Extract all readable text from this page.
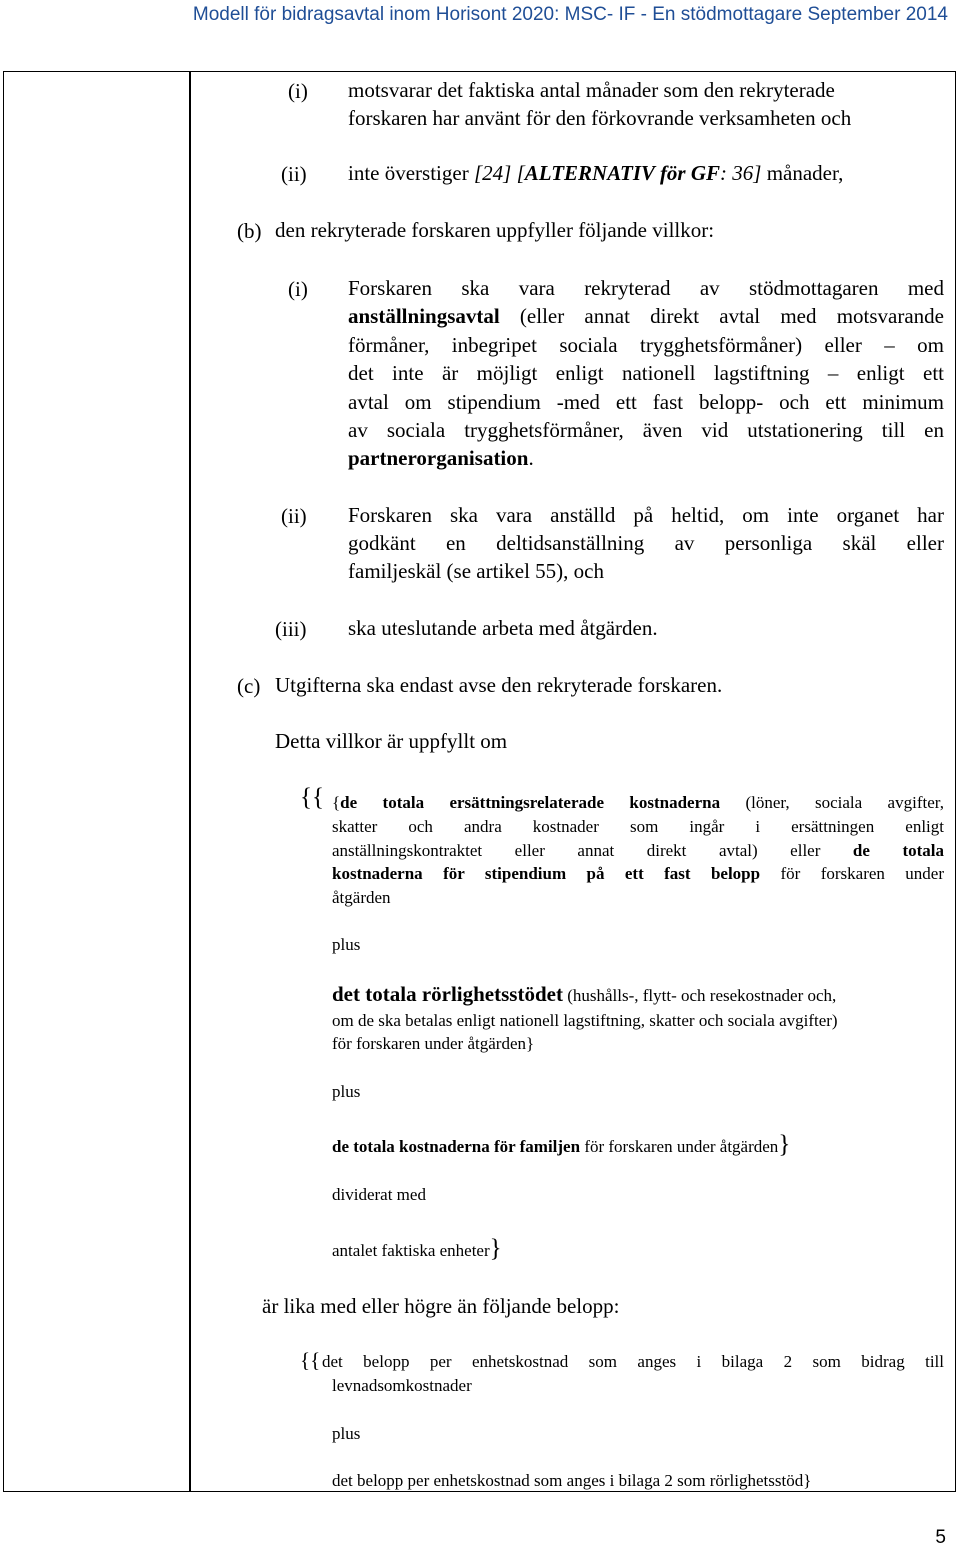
Modell för bidragsavtal inom Horisont 2020: MSC- IF - En stödmottagare September 2014
(i) motsvarar det faktiska antal månader som den rekryterade
forskaren har använt för den förkovrande verksamheten och
(ii) inte överstiger [24] [ALTERNATIV för GF: 36] månader,
(b) den rekryterade forskaren uppfyller följande villkor:
(i) Forskaren ska vara rekryterad av stödmottagaren med
anställningsavtal (eller annat direkt avtal med motsvarande
förmåner, inbegripet sociala trygghetsförmåner) eller – om
det inte är möjligt enligt nationell lagstiftning – enligt ett
avtal om stipendium -med ett fast belopp- och ett minimum
av sociala trygghetsförmåner, även vid utstationering till en
partnerorganisation.
(ii) Forskaren ska vara anställd på heltid, om inte organet har
godkänt en deltidsanställning av personliga skäl eller
familjeskäl (se artikel 55), och
(iii) ska uteslutande arbeta med åtgärden.
(c) Utgifterna ska endast avse den rekryterade forskaren.
Detta villkor är uppfyllt om
{{ {de totala ersättningsrelaterade kostnaderna (löner, sociala avgifter,
skatter och andra kostnader som ingår i ersättningen enligt
anställningskontraktet eller annat direkt avtal) eller de totala
kostnaderna för stipendium på ett fast belopp för forskaren under
åtgärden
plus
det totala rörlighetsstödet (hushålls-, flytt- och resekostnader och,
om de ska betalas enligt nationell lagstiftning, skatter och sociala avgifter)
för forskaren under åtgärden}
plus
de totala kostnaderna för familjen för forskaren under åtgärden}
dividerat med
antalet faktiska enheter}
är lika med eller högre än följande belopp:
{{ det belopp per enhetskostnad som anges i bilaga 2 som bidrag till
levnadsomkostnader
plus
det belopp per enhetskostnad som anges i bilaga 2 som rörlighetsstöd}
5
